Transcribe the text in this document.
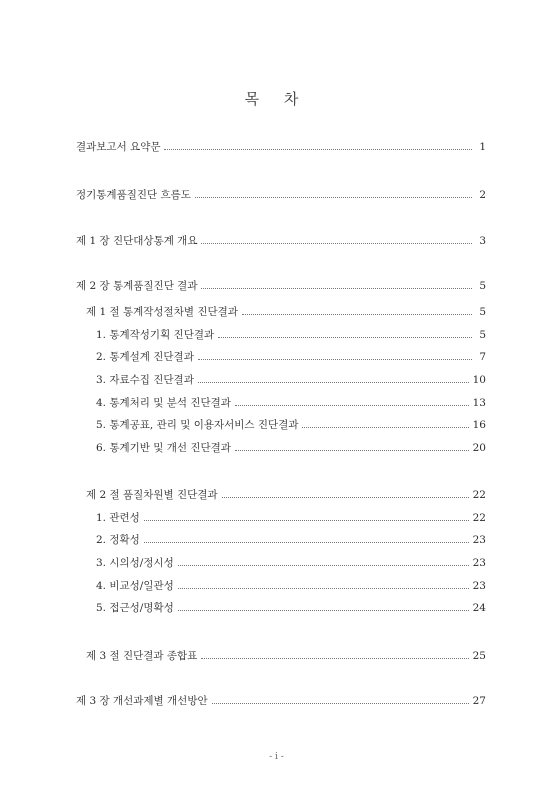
목 차
결과보고서 요약문	1
정기통계품질진단 흐름도	2
제 1 장 진단대상통계 개요	3
제 2 장 통계품질진단 결과	5
제 1 절 통계작성절차별 진단결과	5
1. 통계작성기획 진단결과	5
2. 통계설계 진단결과	7
3. 자료수집 진단결과	10
4. 통계처리 및 분석 진단결과	13
5. 통계공표, 관리 및 이용자서비스 진단결과	16
6. 통계기반 및 개선 진단결과	20
제 2 절 품질차원별 진단결과	22
1. 관련성	22
2. 정확성	23
3. 시의성/정시성	23
4. 비교성/일관성	23
5. 접근성/명확성	24
제 3 절 진단결과 종합표	25
제 3 장 개선과제별 개선방안	27
- i -
